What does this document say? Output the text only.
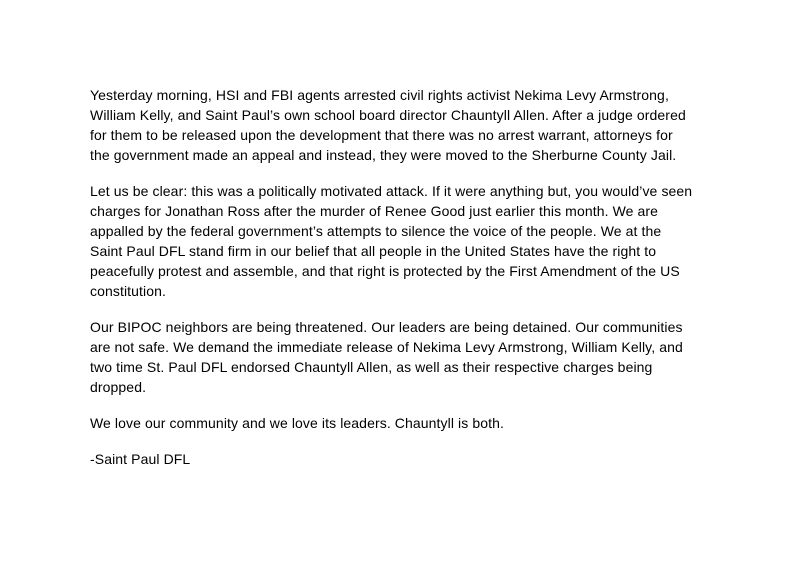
Yesterday morning, HSI and FBI agents arrested civil rights activist Nekima Levy Armstrong,
William Kelly, and Saint Paul’s own school board director Chauntyll Allen. After a judge ordered
for them to be released upon the development that there was no arrest warrant, attorneys for
the government made an appeal and instead, they were moved to the Sherburne County Jail.

Let us be clear: this was a politically motivated attack. If it were anything but, you would’ve seen
charges for Jonathan Ross after the murder of Renee Good just earlier this month. We are
appalled by the federal government’s attempts to silence the voice of the people. We at the
Saint Paul DFL stand firm in our belief that all people in the United States have the right to
peacefully protest and assemble, and that right is protected by the First Amendment of the US
constitution.

Our BIPOC neighbors are being threatened. Our leaders are being detained. Our communities
are not safe. We demand the immediate release of Nekima Levy Armstrong, William Kelly, and
two time St. Paul DFL endorsed Chauntyll Allen, as well as their respective charges being
dropped.

We love our community and we love its leaders. Chauntyll is both.

-Saint Paul DFL
